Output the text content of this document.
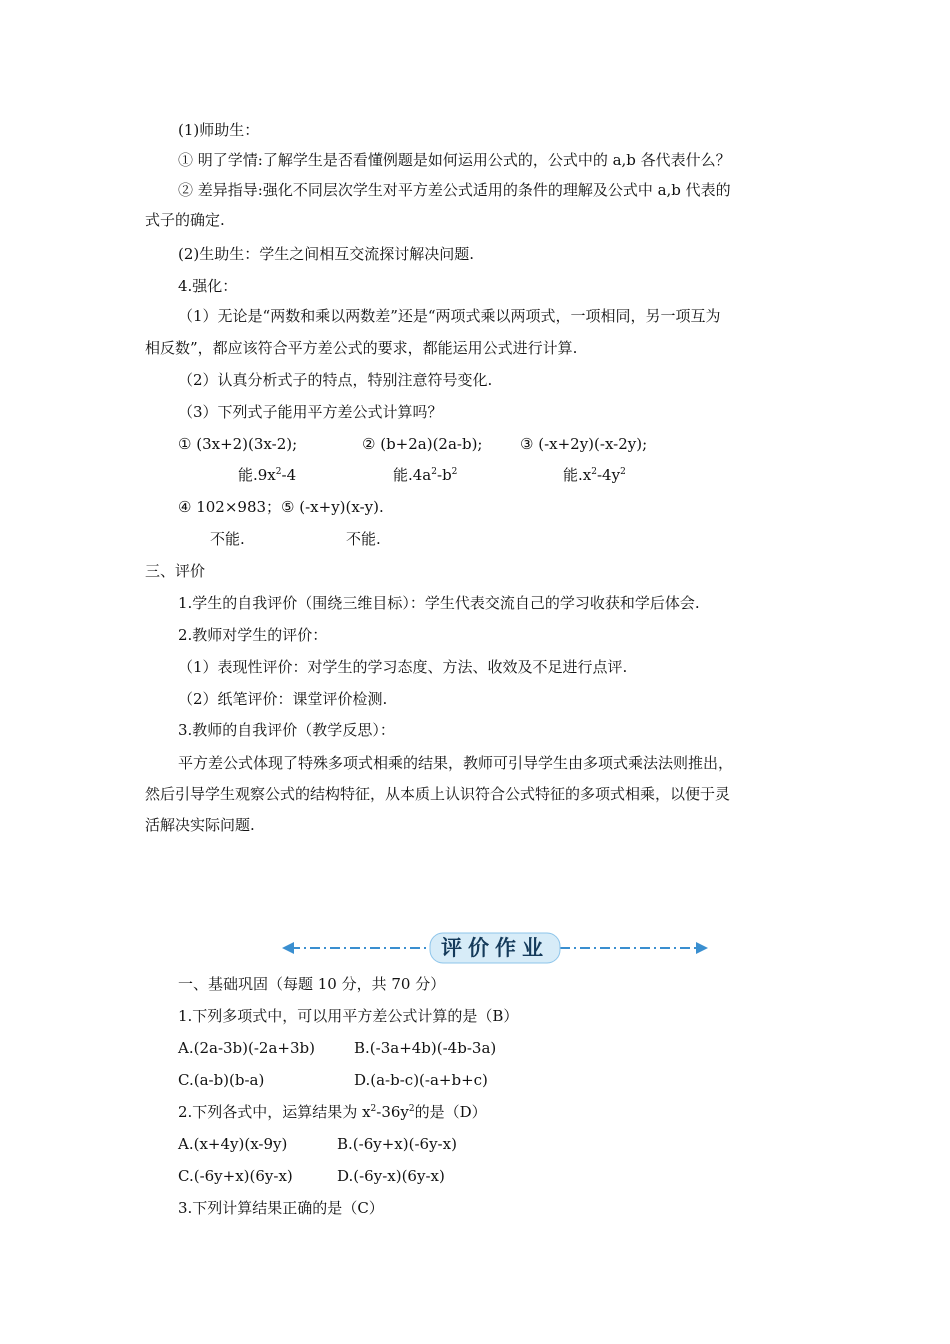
(1)师助生：
① 明了学情:了解学生是否看懂例题是如何运用公式的，公式中的 a,b 各代表什么？
② 差异指导:强化不同层次学生对平方差公式适用的条件的理解及公式中 a,b 代表的
式子的确定.
(2)生助生：学生之间相互交流探讨解决问题.
4.强化：
（1）无论是“两数和乘以两数差”还是“两项式乘以两项式，一项相同，另一项互为
相反数”，都应该符合平方差公式的要求，都能运用公式进行计算.
（2）认真分析式子的特点，特别注意符号变化.
（3）下列式子能用平方差公式计算吗？
① (3x+2)(3x-2);	② (b+2a)(2a-b);	③ (-x+2y)(-x-2y);
能$.9x^2-4$	能$.4a^2-b^2$	能$.x^2-4y^2$
④ 102×983；⑤ (-x+y)(x-y).
不能.	不能.
三、评价
1.学生的自我评价（围绕三维目标）：学生代表交流自己的学习收获和学后体会.
2.教师对学生的评价：
（1）表现性评价：对学生的学习态度、方法、收效及不足进行点评.
（2）纸笔评价：课堂评价检测.
3.教师的自我评价（教学反思）：
平方差公式体现了特殊多项式相乘的结果，教师可引导学生由多项式乘法法则推出，
然后引导学生观察公式的结构特征，从本质上认识符合公式特征的多项式相乘，以便于灵
活解决实际问题.
评价作业
一、基础巩固（每题 10 分，共 70 分）
1.下列多项式中，可以用平方差公式计算的是（B）
A.(2a-3b)(-2a+3b)	B.(-3a+4b)(-4b-3a)
C.(a-b)(b-a)	D.(a-b-c)(-a+b+c)
2.下列各式中，运算结果为 $x^2-36y^2$的是（D）
A.(x+4y)(x-9y)	B.(-6y+x)(-6y-x)
C.(-6y+x)(6y-x)	D.(-6y-x)(6y-x)
3.下列计算结果正确的是（C）
